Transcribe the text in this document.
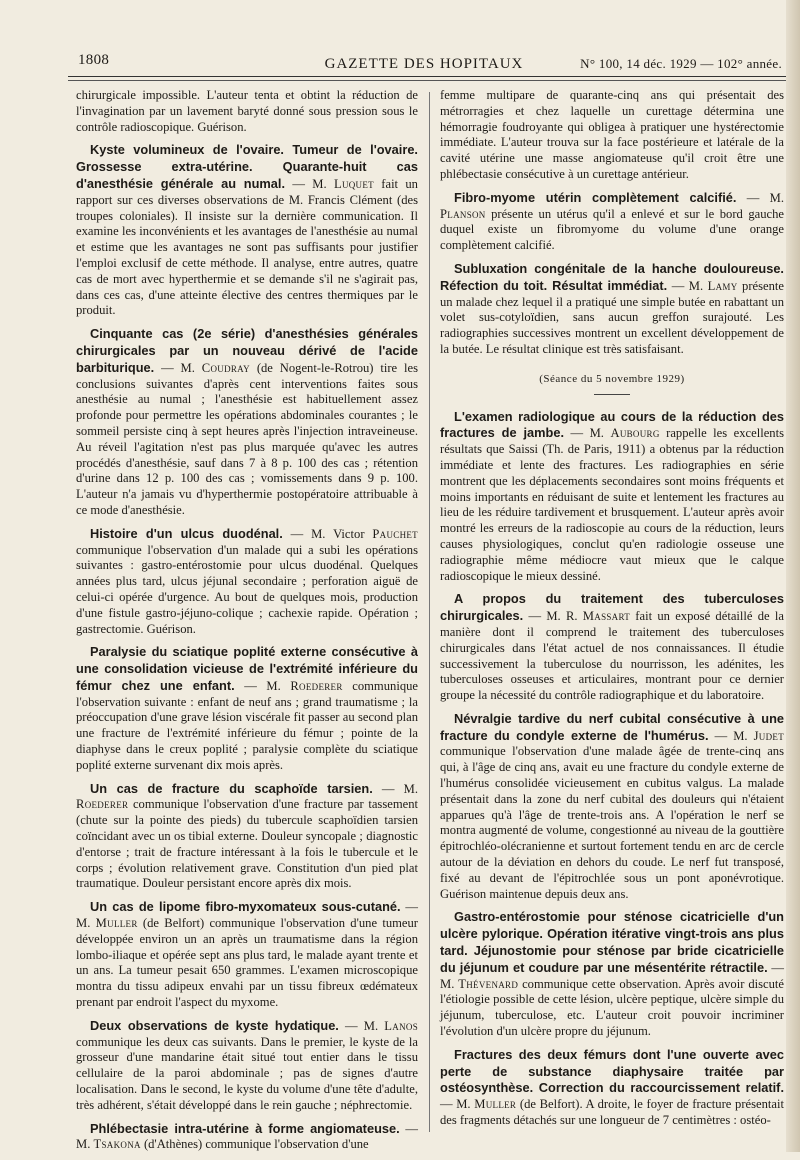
1808	GAZETTE DES HOPITAUX	N° 100, 14 déc. 1929 — 102° année.

chirurgicale impossible. L'auteur tenta et obtint la réduction de l'invagination par un lavement baryté donné sous pression sous le contrôle radioscopique. Guérison.

Kyste volumineux de l'ovaire. Tumeur de l'ovaire. Grossesse extra-utérine. Quarante-huit cas d'anesthésie générale au numal. — M. Luquet fait un rapport sur ces diverses observations de M. Francis Clément (des troupes coloniales). Il insiste sur la dernière communication. Il examine les inconvénients et les avantages de l'anesthésie au numal et estime que les avantages ne sont pas suffisants pour justifier l'emploi exclusif de cette méthode. Il analyse, entre autres, quatre cas de mort avec hyperthermie et se demande s'il ne s'agirait pas, dans ces cas, d'une atteinte élective des centres thermiques par le produit.

Cinquante cas (2e série) d'anesthésies générales chirurgicales par un nouveau dérivé de l'acide barbiturique. — M. Coudray (de Nogent-le-Rotrou) tire les conclusions suivantes d'après cent interventions faites sous anesthésie au numal ; l'anesthésie est habituellement assez profonde pour permettre les opérations abdominales courantes ; le sommeil persiste cinq à sept heures après l'injection intraveineuse. Au réveil l'agitation n'est pas plus marquée qu'avec les autres procédés d'anesthésie, sauf dans 7 à 8 p. 100 des cas ; rétention d'urine dans 12 p. 100 des cas ; vomissements dans 9 p. 100. L'auteur n'a jamais vu d'hyperthermie postopératoire attribuable à ce mode d'anesthésie.

Histoire d'un ulcus duodénal. — M. Victor Pauchet communique l'observation d'un malade qui a subi les opérations suivantes : gastro-entérostomie pour ulcus duodénal. Quelques années plus tard, ulcus jéjunal secondaire ; perforation aiguë de celui-ci opérée d'urgence. Au bout de quelques mois, production d'une fistule gastro-jéjuno-colique ; cachexie rapide. Opération ; gastrectomie. Guérison.

Paralysie du sciatique poplité externe consécutive à une consolidation vicieuse de l'extrémité inférieure du fémur chez une enfant. — M. Roederer communique l'observation suivante : enfant de neuf ans ; grand traumatisme ; la préoccupation d'une grave lésion viscérale fit passer au second plan une fracture de l'extrémité inférieure du fémur ; pointe de la diaphyse dans le creux poplité ; paralysie complète du sciatique poplité externe survenant dix mois après.

Un cas de fracture du scaphoïde tarsien. — M. Roederer communique l'observation d'une fracture par tassement (chute sur la pointe des pieds) du tubercule scaphoïdien tarsien coïncidant avec un os tibial externe. Douleur syncopale ; diagnostic d'entorse ; trait de fracture intéressant à la fois le tubercule et le corps ; évolution relativement grave. Constitution d'un pied plat traumatique. Douleur persistant encore après dix mois.

Un cas de lipome fibro-myxomateux sous-cutané. — M. Muller (de Belfort) communique l'observation d'une tumeur développée environ un an après un traumatisme dans la région lombo-iliaque et opérée sept ans plus tard, le malade ayant trente et un ans. La tumeur pesait 650 grammes. L'examen microscopique montra du tissu adipeux envahi par un tissu fibreux œdémateux prenant par endroit l'aspect du myxome.

Deux observations de kyste hydatique. — M. Lanos communique les deux cas suivants. Dans le premier, le kyste de la grosseur d'une mandarine était situé tout entier dans le tissu cellulaire de la paroi abdominale ; pas de signes d'autre localisation. Dans le second, le kyste du volume d'une tête d'adulte, très adhérent, s'était développé dans le rein gauche ; néphrectomie.

Phlébectasie intra-utérine à forme angiomateuse. — M. Tsakona (d'Athènes) communique l'observation d'une

femme multipare de quarante-cinq ans qui présentait des métrorragies et chez laquelle un curettage détermina une hémorragie foudroyante qui obligea à pratiquer une hystérectomie immédiate. L'auteur trouva sur la face postérieure et latérale de la cavité utérine une masse angiomateuse qu'il croit être une phlébectasie consécutive à un curettage antérieur.

Fibro-myome utérin complètement calcifié. — M. Planson présente un utérus qu'il a enlevé et sur le bord gauche duquel existe un fibromyome du volume d'une orange complètement calcifié.

Subluxation congénitale de la hanche douloureuse. Réfection du toit. Résultat immédiat. — M. Lamy présente un malade chez lequel il a pratiqué une simple butée en rabattant un volet sus-cotyloïdien, sans aucun greffon surajouté. Les radiographies successives montrent un excellent développement de la butée. Le résultat clinique est très satisfaisant.

(Séance du 5 novembre 1929)

L'examen radiologique au cours de la réduction des fractures de jambe. — M. Aubourg rappelle les excellents résultats que Saissi (Th. de Paris, 1911) a obtenus par la réduction immédiate et lente des fractures. Les radiographies en série montrent que les déplacements secondaires sont moins fréquents et moins importants en réduisant de suite et lentement les fractures au lieu de les réduire tardivement et brusquement. L'auteur après avoir montré les erreurs de la radioscopie au cours de la réduction, leurs causes physiologiques, conclut qu'en radiologie osseuse une radiographie même médiocre vaut mieux que le calque radioscopique le mieux dessiné.

A propos du traitement des tuberculoses chirurgicales. — M. R. Massart fait un exposé détaillé de la manière dont il comprend le traitement des tuberculoses chirurgicales dans l'état actuel de nos connaissances. Il étudie successivement la tuberculose du nourrisson, les adénites, les tuberculoses osseuses et articulaires, montrant pour ce dernier groupe la nécessité du contrôle radiographique et du laboratoire.

Névralgie tardive du nerf cubital consécutive à une fracture du condyle externe de l'humérus. — M. Judet communique l'observation d'une malade âgée de trente-cinq ans qui, à l'âge de cinq ans, avait eu une fracture du condyle externe de l'humérus consolidée vicieusement en cubitus valgus. La malade présentait dans la zone du nerf cubital des douleurs qui n'étaient apparues qu'à l'âge de trente-trois ans. A l'opération le nerf se montra augmenté de volume, congestionné au niveau de la gouttière épitrochléo-olécranienne et surtout fortement tendu en arc de cercle autour de la déviation en dehors du coude. Le nerf fut transposé, fixé au devant de l'épitrochlée sous un pont aponévrotique. Guérison maintenue depuis deux ans.

Gastro-entérostomie pour sténose cicatricielle d'un ulcère pylorique. Opération itérative vingt-trois ans plus tard. Jéjunostomie pour sténose par bride cicatricielle du jéjunum et coudure par une mésentérite rétractile. — M. Thévenard communique cette observation. Après avoir discuté l'étiologie possible de cette lésion, ulcère peptique, ulcère simple du jéjunum, tuberculose, etc. L'auteur croit pouvoir incriminer l'évolution d'un ulcère propre du jéjunum.

Fractures des deux fémurs dont l'une ouverte avec perte de substance diaphysaire traitée par ostéosynthèse. Correction du raccourcissement relatif. — M. Muller (de Belfort). A droite, le foyer de fracture présentait des fragments détachés sur une longueur de 7 centimètres : ostéo-
